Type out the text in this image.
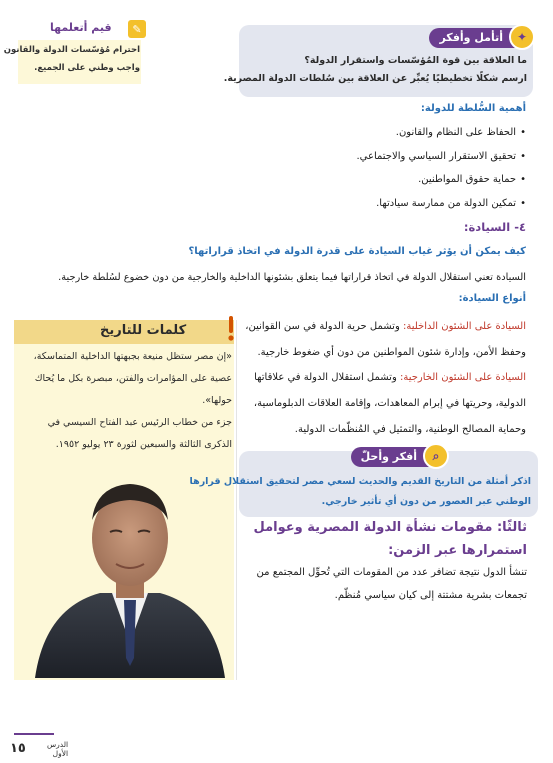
أتأمل وأفكر	✦
ما العلاقة بين قوة المُؤسّسات واستقرار الدولة؟
ارسم شكلًا تخطيطيًا يُعبِّر عن العلاقة بين سُلطات الدولة المصرية.
قيم أتعلمها	✎
احترام مُؤسّسات الدولة والقانون
واجب وطني على الجميع.
أهمية السُّلطة للدولة:
• الحفاظ على النظام والقانون.
• تحقيق الاستقرار السياسي والاجتماعي.
• حماية حقوق المواطنين.
• تمكين الدولة من ممارسة سيادتها.
٤- السيادة:
كيف يمكن أن يؤثر غياب السيادة على قدرة الدولة في اتخاذ قراراتها؟
السيادة تعني استقلال الدولة في اتخاذ قراراتها فيما يتعلق بشئونها الداخلية والخارجية من دون خضوع لسُلطة خارجية.
أنواع السيادة:
السيادة على الشئون الداخلية: وتشمل حرية الدولة في سن القوانين،
وحفظ الأمن، وإدارة شئون المواطنين من دون أي ضغوط خارجية.
السيادة على الشئون الخارجية: وتشمل استقلال الدولة في علاقاتها
الدولية، وحريتها في إبرام المعاهدات، وإقامة العلاقات الدبلوماسية،
وحماية المصالح الوطنية، والتمثيل في المُنظّمات الدولية.
كلمات للتاريخ
«إن مصر ستظل منيعة بجبهتها الداخلية المتماسكة،
عصية على المؤامرات والفتن، مبصرة بكل ما يُحاك
حولها».
جزء من خطاب الرئيس عبد الفتاح السيسي في
الذكرى الثالثة والسبعين لثورة ٢٣ يوليو ١٩٥٢.
أفكر وأحلّ	⌕
اذكر أمثلة من التاريخ القديم والحديث لسعي مصر لتحقيق استقلال قرارها
الوطني عبر العصور من دون أي تأثير خارجي.
ثالثًا: مقومات نشأة الدولة المصرية وعوامل
استمرارها عبر الزمن:
تنشأ الدول نتيجة تضافر عدد من المقومات التي تُحوِّل المجتمع من
تجمعات بشرية مشتتة إلى كيان سياسي مُنظّم.
١٥	الدرس
الأول
